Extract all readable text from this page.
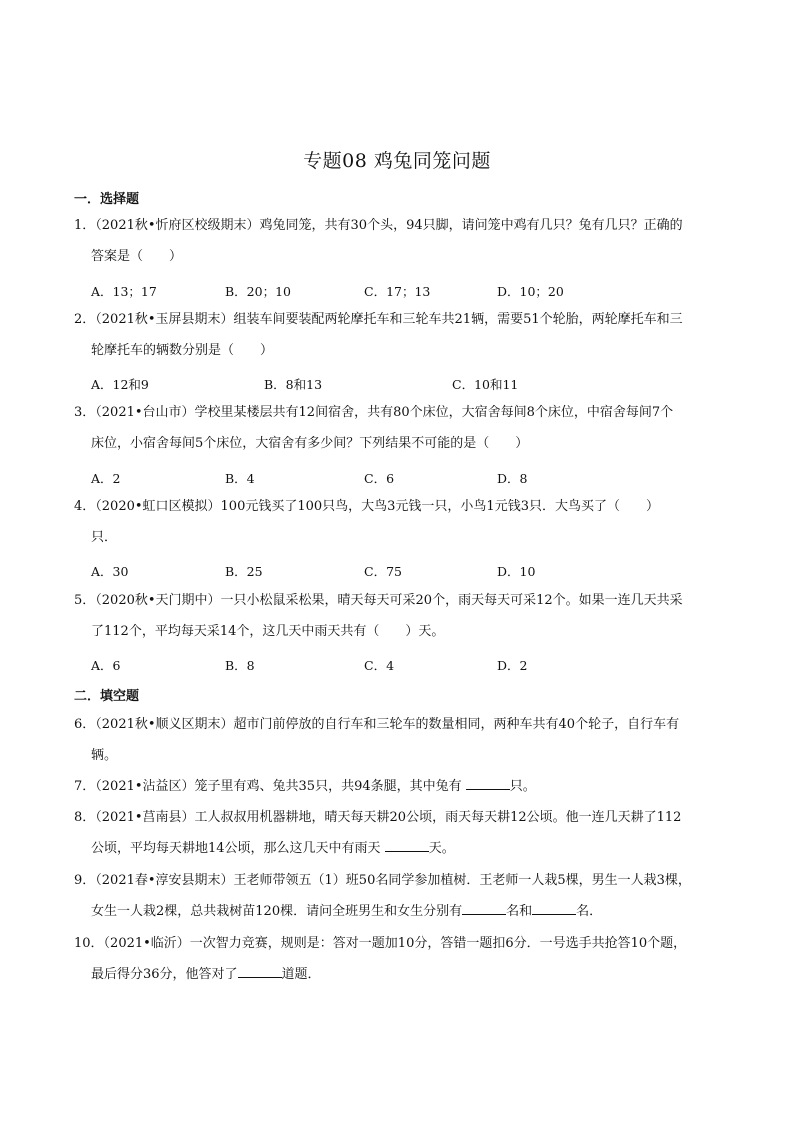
专题08 鸡兔同笼问题
一．选择题
1．（2021秋•忻府区校级期末）鸡兔同笼，共有30个头，94只脚，请问笼中鸡有几只？兔有几只？正确的
答案是（　　）
A．13；17	B．20；10	C．17；13	D．10；20
2．（2021秋•玉屏县期末）组装车间要装配两轮摩托车和三轮车共21辆，需要51个轮胎，两轮摩托车和三
轮摩托车的辆数分别是（　　）
A．12和9	B．8和13	C．10和11
3．（2021•台山市）学校里某楼层共有12间宿舍，共有80个床位，大宿舍每间8个床位，中宿舍每间7个
床位，小宿舍每间5个床位，大宿舍有多少间？下列结果不可能的是（　　）
A．2	B．4	C．6	D．8
4．（2020•虹口区模拟）100元钱买了100只鸟，大鸟3元钱一只，小鸟1元钱3只．大鸟买了（　　）
只．
A．30	B．25	C．75	D．10
5．（2020秋•天门期中）一只小松鼠采松果，晴天每天可采20个，雨天每天可采12个。如果一连几天共采
了112个，平均每天采14个，这几天中雨天共有（　　）天。
A．6	B．8	C．4	D．2
二．填空题
6．（2021秋•顺义区期末）超市门前停放的自行车和三轮车的数量相同，两种车共有40个轮子，自行车有
辆。
7．（2021•沾益区）笼子里有鸡、兔共35只，共94条腿，其中兔有	只。
8．（2021•莒南县）工人叔叔用机器耕地，晴天每天耕20公顷，雨天每天耕12公顷。他一连几天耕了112
公顷，平均每天耕地14公顷，那么这几天中有雨天	天。
9．（2021春•淳安县期末）王老师带领五（1）班50名同学参加植树．王老师一人栽5棵，男生一人栽3棵，
女生一人栽2棵，总共栽树苗120棵．请问全班男生和女生分别有	名和	名．
10．（2021•临沂）一次智力竞赛，规则是：答对一题加10分，答错一题扣6分．一号选手共抢答10个题，
最后得分36分，他答对了	道题．
